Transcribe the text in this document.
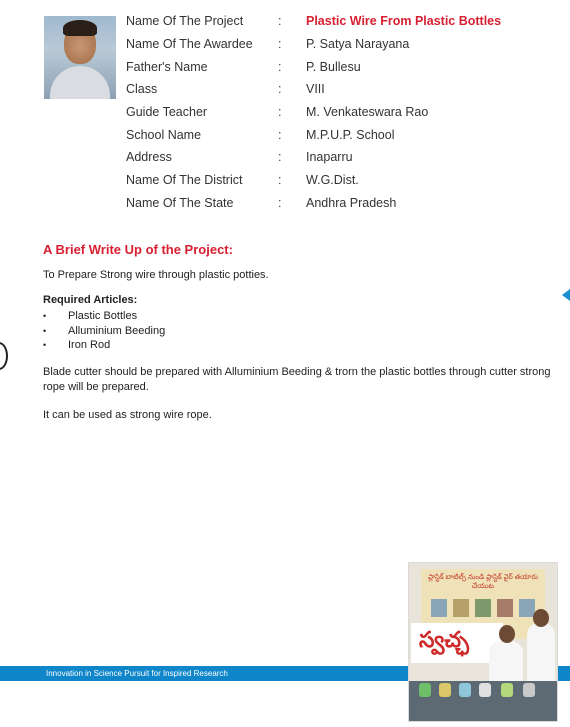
Name Of The Project	:	Plastic Wire From Plastic Bottles
Name Of The Awardee	:	P. Satya Narayana
Father's Name	:	P. Bullesu
Class	:	VIII
Guide Teacher	:	M. Venkateswara Rao
School Name	:	M.P.U.P. School
Address	:	Inaparru
Name Of The District	:	W.G.Dist.
Name Of The State	:	Andhra Pradesh
A Brief Write Up of the Project:

To Prepare Strong wire through plastic potties.

Required Articles:
•	Plastic Bottles
•	Alluminium Beeding
•	Iron Rod

Blade cutter should be prepared with Alluminium Beeding & trorn the plastic bottles through cutter strong rope will be prepared.

It can be used as strong wire rope.

Innovation in Science Pursuit for Inspired Research
ప్లాస్టిక్ బాటిల్స్ నుండి ప్లాస్టిక్ వైర్ తయారు చేయుట
స్వచ్ఛ
